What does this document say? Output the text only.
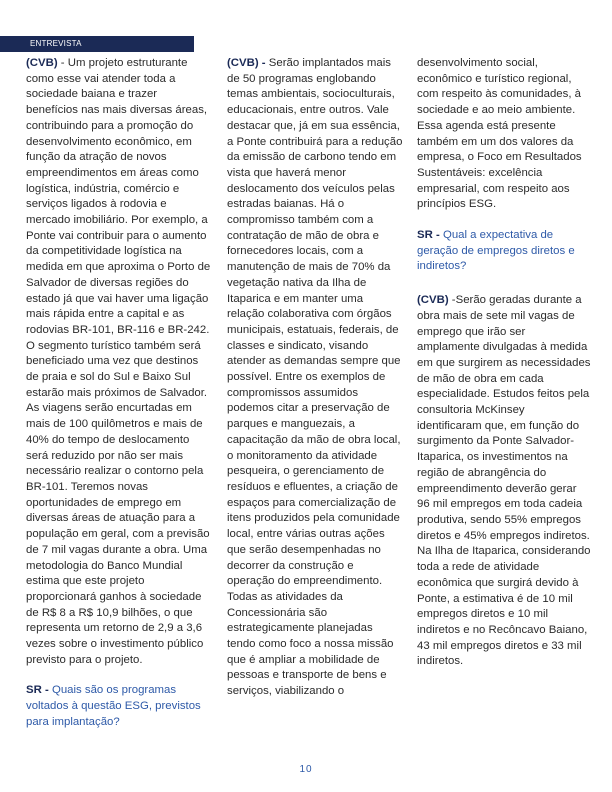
ENTREVISTA

(CVB) - Um projeto estruturante como esse vai atender toda a sociedade baiana e trazer benefícios nas mais diversas áreas, contribuindo para a promoção do desenvolvimento econômico, em função da atração de novos empreendimentos em áreas como logística, indústria, comércio e serviços ligados à rodovia e mercado imobiliário. Por exemplo, a Ponte vai contribuir para o aumento da competitividade logística na medida em que aproxima o Porto de Salvador de diversas regiões do estado já que vai haver uma ligação mais rápida entre a capital e as rodovias BR-101, BR-116 e BR-242. O segmento turístico também será beneficiado uma vez que destinos de praia e sol do Sul e Baixo Sul estarão mais próximos de Salvador. As viagens serão encurtadas em mais de 100 quilômetros e mais de 40% do tempo de deslocamento será reduzido por não ser mais necessário realizar o contorno pela BR-101. Teremos novas oportunidades de emprego em diversas áreas de atuação para a população em geral, com a previsão de 7 mil vagas durante a obra. Uma metodologia do Banco Mundial estima que este projeto proporcionará ganhos à sociedade de R$ 8 a R$ 10,9 bilhões, o que representa um retorno de 2,9 a 3,6 vezes sobre o investimento público previsto para o projeto.

SR - Quais são os programas voltados à questão ESG, previstos para implantação?

(CVB) - Serão implantados mais de 50 programas englobando temas ambientais, socioculturais, educacionais, entre outros. Vale destacar que, já em sua essência, a Ponte contribuirá para a redução da emissão de carbono tendo em vista que haverá menor deslocamento dos veículos pelas estradas baianas. Há o compromisso também com a contratação de mão de obra e fornecedores locais, com a manutenção de mais de 70% da vegetação nativa da Ilha de Itaparica e em manter uma relação colaborativa com órgãos municipais, estatuais, federais, de classes e sindicato, visando atender as demandas sempre que possível. Entre os exemplos de compromissos assumidos podemos citar a preservação de parques e manguezais, a capacitação da mão de obra local, o monitoramento da atividade pesqueira, o gerenciamento de resíduos e efluentes, a criação de espaços para comercialização de itens produzidos pela comunidade local, entre várias outras ações que serão desempenhadas no decorrer da construção e operação do empreendimento. Todas as atividades da Concessionária são estrategicamente planejadas tendo como foco a nossa missão que é ampliar a mobilidade de pessoas e transporte de bens e serviços, viabilizando o

desenvolvimento social, econômico e turístico regional, com respeito às comunidades, à sociedade e ao meio ambiente. Essa agenda está presente também em um dos valores da empresa, o Foco em Resultados Sustentáveis: excelência empresarial, com respeito aos princípios ESG.

SR - Qual a expectativa de geração de empregos diretos e indiretos?

(CVB) -Serão geradas durante a obra mais de sete mil vagas de emprego que irão ser amplamente divulgadas à medida em que surgirem as necessidades de mão de obra em cada especialidade. Estudos feitos pela consultoria McKinsey identificaram que, em função do surgimento da Ponte Salvador-Itaparica, os investimentos na região de abrangência do empreendimento deverão gerar 96 mil empregos em toda cadeia produtiva, sendo 55% empregos diretos e 45% empregos indiretos. Na Ilha de Itaparica, considerando toda a rede de atividade econômica que surgirá devido à Ponte, a estimativa é de 10 mil empregos diretos e 10 mil indiretos e no Recôncavo Baiano, 43 mil empregos diretos e 33 mil indiretos.

10
